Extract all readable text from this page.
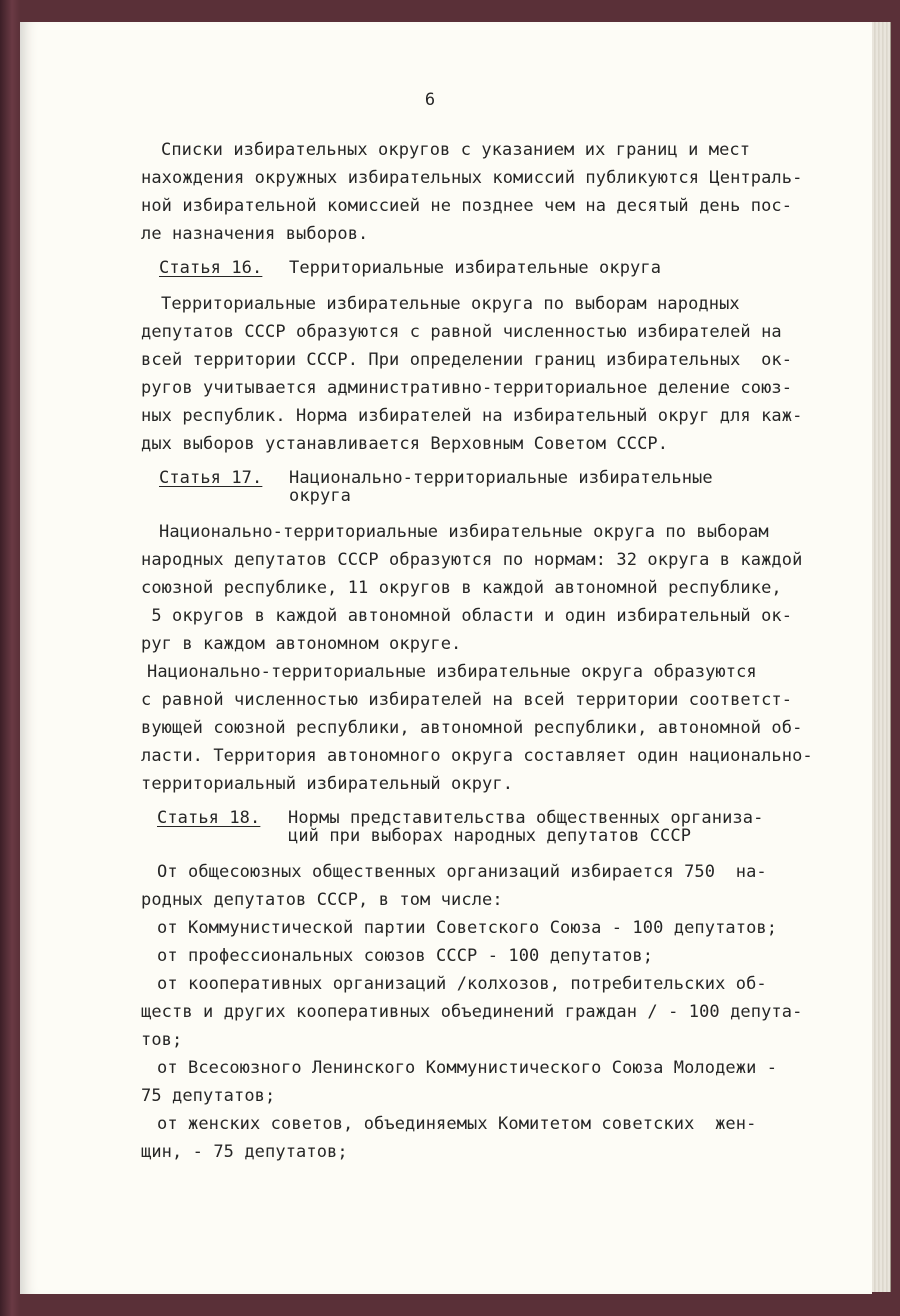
6
Списки избирательных округов с указанием их границ и мест
нахождения окружных избирательных комиссий публикуются Централь-
ной избирательной комиссией не позднее чем на десятый день пос-
ле назначения выборов.
Статья 16. Территориальные избирательные округа
Территориальные избирательные округа по выборам народных
депутатов СССР образуются с равной численностью избирателей на
всей территории СССР. При определении границ избирательных  ок-
ругов учитывается административно-территориальное деление союз-
ных республик. Норма избирателей на избирательный округ для каж-
дых выборов устанавливается Верховным Советом СССР.
Статья 17. Национально-территориальные избирательные
округа
Национально-территориальные избирательные округа по выборам
народных депутатов СССР образуются по нормам: 32 округа в каждой
союзной республике, 11 округов в каждой автономной республике,
5 округов в каждой автономной области и один избирательный ок-
руг в каждом автономном округе.
Национально-территориальные избирательные округа образуются
с равной численностью избирателей на всей территории соответст-
вующей союзной республики, автономной республики, автономной об-
ласти. Территория автономного округа составляет один национально-
территориальный избирательный округ.
Статья 18. Нормы представительства общественных организа-
ций при выборах народных депутатов СССР
От общесоюзных общественных организаций избирается 750  на-
родных депутатов СССР, в том числе:
от Коммунистической партии Советского Союза - 100 депутатов;
от профессиональных союзов СССР - 100 депутатов;
от кооперативных организаций /колхозов, потребительских об-
ществ и других кооперативных объединений граждан / - 100 депута-
тов;
от Всесоюзного Ленинского Коммунистического Союза Молодежи -
75 депутатов;
от женских советов, объединяемых Комитетом советских  жен-
щин, - 75 депутатов;
